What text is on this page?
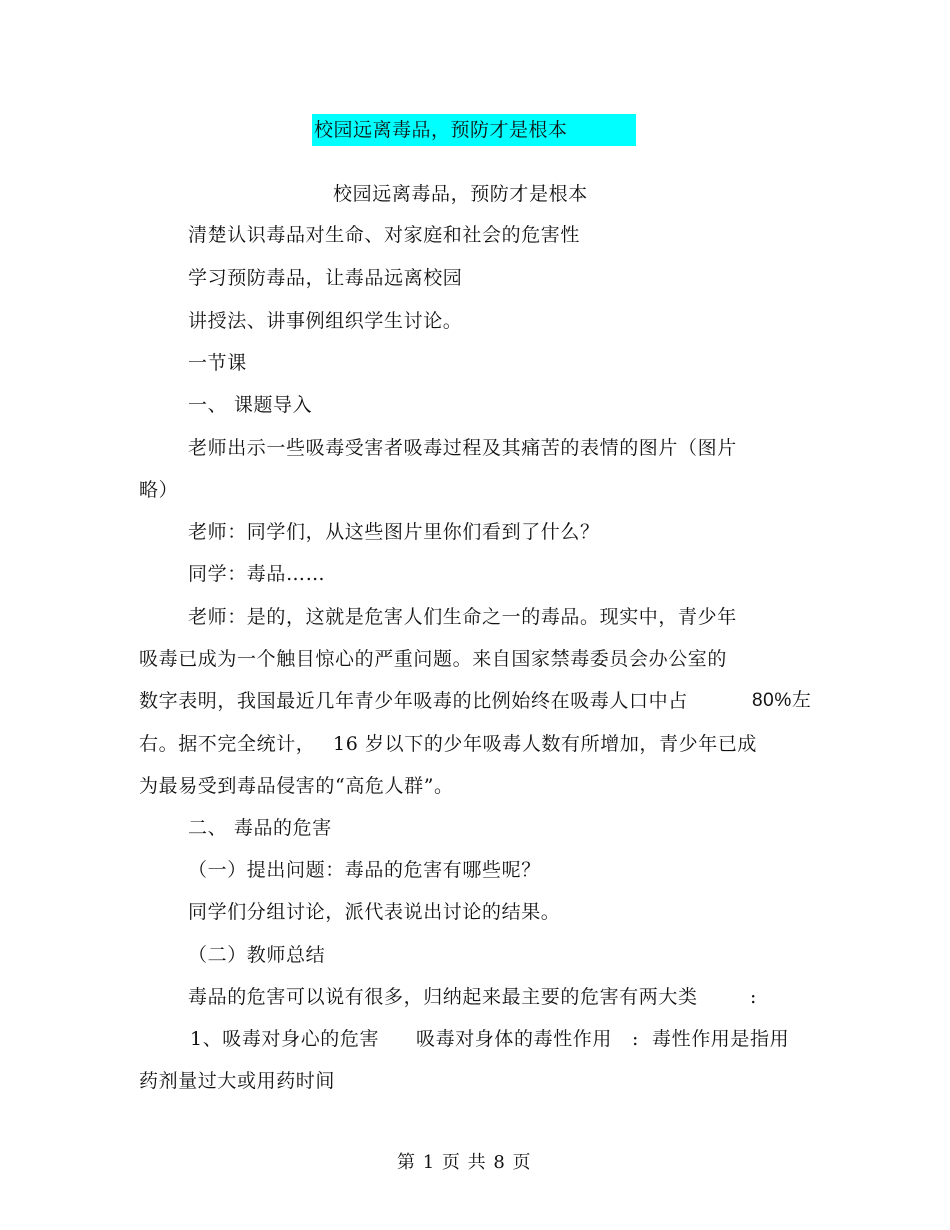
校园远离毒品，预防才是根本
校园远离毒品，预防才是根本
清楚认识毒品对生命、对家庭和社会的危害性
学习预防毒品，让毒品远离校园
讲授法、讲事例组织学生讨论。
一节课
一、 课题导入
老师出示一些吸毒受害者吸毒过程及其痛苦的表情的图片（图片
略）
老师：同学们，从这些图片里你们看到了什么？
同学：毒品……
老师：是的，这就是危害人们生命之一的毒品。现实中，青少年
吸毒已成为一个触目惊心的严重问题。来自国家禁毒委员会办公室的
数字表明，我国最近几年青少年吸毒的比例始终在吸毒人口中占	80%左
右。据不完全统计， 16 岁以下的少年吸毒人数有所增加，青少年已成
为最易受到毒品侵害的“高危人群”。
二、 毒品的危害
（一）提出问题：毒品的危害有哪些呢？
同学们分组讨论，派代表说出讨论的结果。
（二）教师总结
毒品的危害可以说有很多，归纳起来最主要的危害有两大类	:
1、吸毒对身心的危害 吸毒对身体的毒性作用 : 毒性作用是指用
药剂量过大或用药时间
第 1 页 共 8 页
